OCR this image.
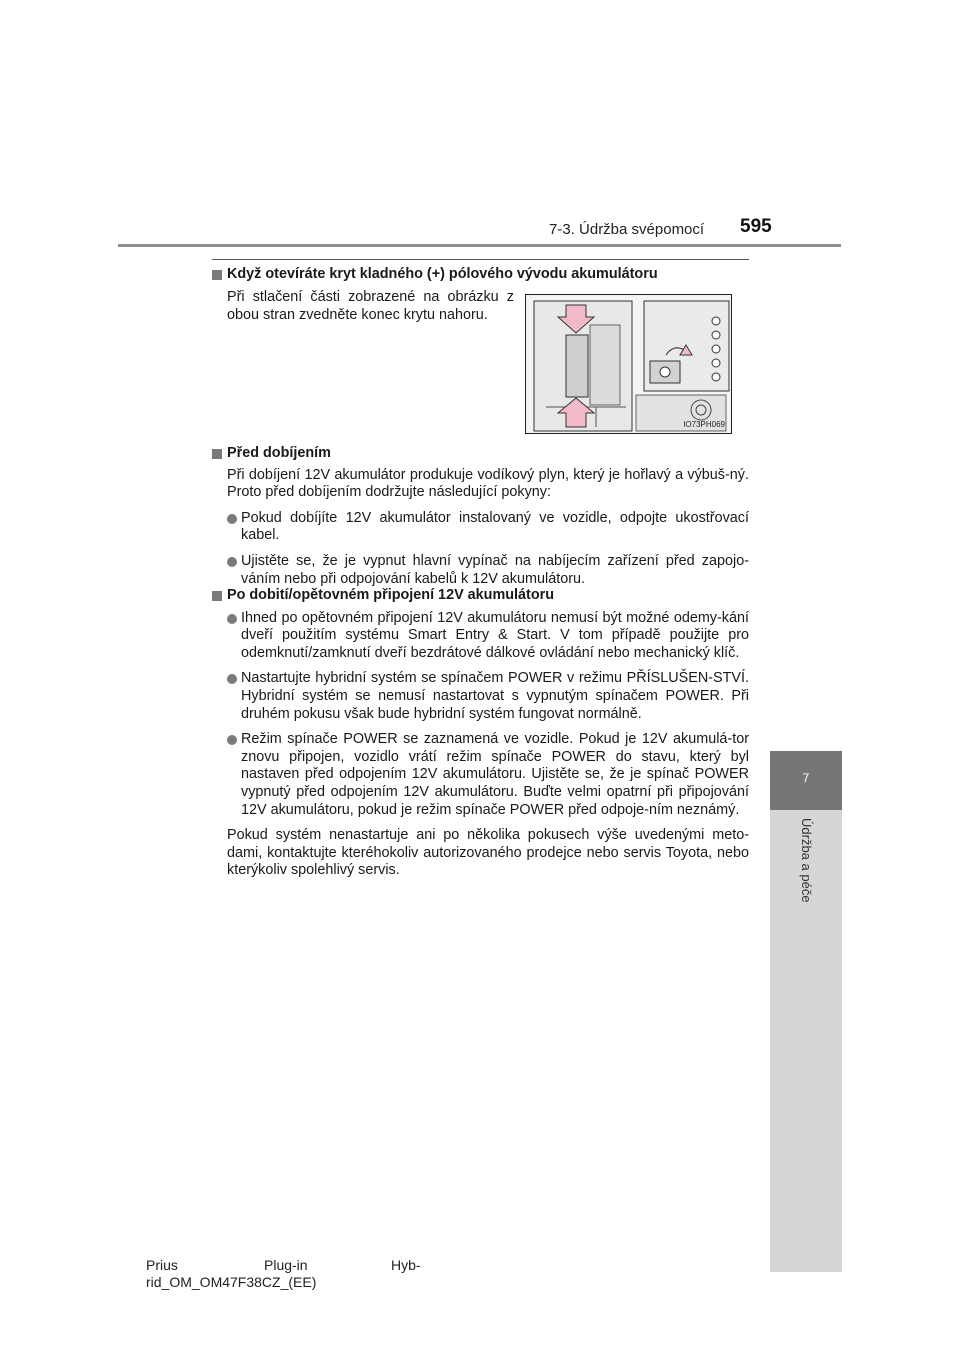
7-3. Údržba svépomocí 595
7
Údržba a péče
Když otevíráte kryt kladného (+) pólového vývodu akumulátoru
Při stlačení části zobrazené na obrázku z obou stran zvedněte konec krytu nahoru.
IO73PH069
Před dobíjením
Při dobíjení 12V akumulátor produkuje vodíkový plyn, který je hořlavý a výbuš-ný. Proto před dobíjením dodržujte následující pokyny:
Pokud dobíjíte 12V akumulátor instalovaný ve vozidle, odpojte ukostřovací kabel.
Ujistěte se, že je vypnut hlavní vypínač na nabíjecím zařízení před zapojo-váním nebo při odpojování kabelů k 12V akumulátoru.
Po dobití/opětovném připojení 12V akumulátoru
Ihned po opětovném připojení 12V akumulátoru nemusí být možné odemy-kání dveří použitím systému Smart Entry & Start. V tom případě použijte pro odemknutí/zamknutí dveří bezdrátové dálkové ovládání nebo mechanický klíč.
Nastartujte hybridní systém se spínačem POWER v režimu PŘÍSLUŠEN-STVÍ. Hybridní systém se nemusí nastartovat s vypnutým spínačem POWER. Při druhém pokusu však bude hybridní systém fungovat normálně.
Režim spínače POWER se zaznamená ve vozidle. Pokud je 12V akumulá-tor znovu připojen, vozidlo vrátí režim spínače POWER do stavu, který byl nastaven před odpojením 12V akumulátoru. Ujistěte se, že je spínač POWER vypnutý před odpojením 12V akumulátoru. Buďte velmi opatrní při připojování 12V akumulátoru, pokud je režim spínače POWER před odpoje-ním neznámý.
Pokud systém nenastartuje ani po několika pokusech výše uvedenými meto-dami, kontaktujte kteréhokoliv autorizovaného prodejce nebo servis Toyota, nebo kterýkoliv spolehlivý servis.
Prius	Plug-in	Hyb-
rid_OM_OM47F38CZ_(EE)
